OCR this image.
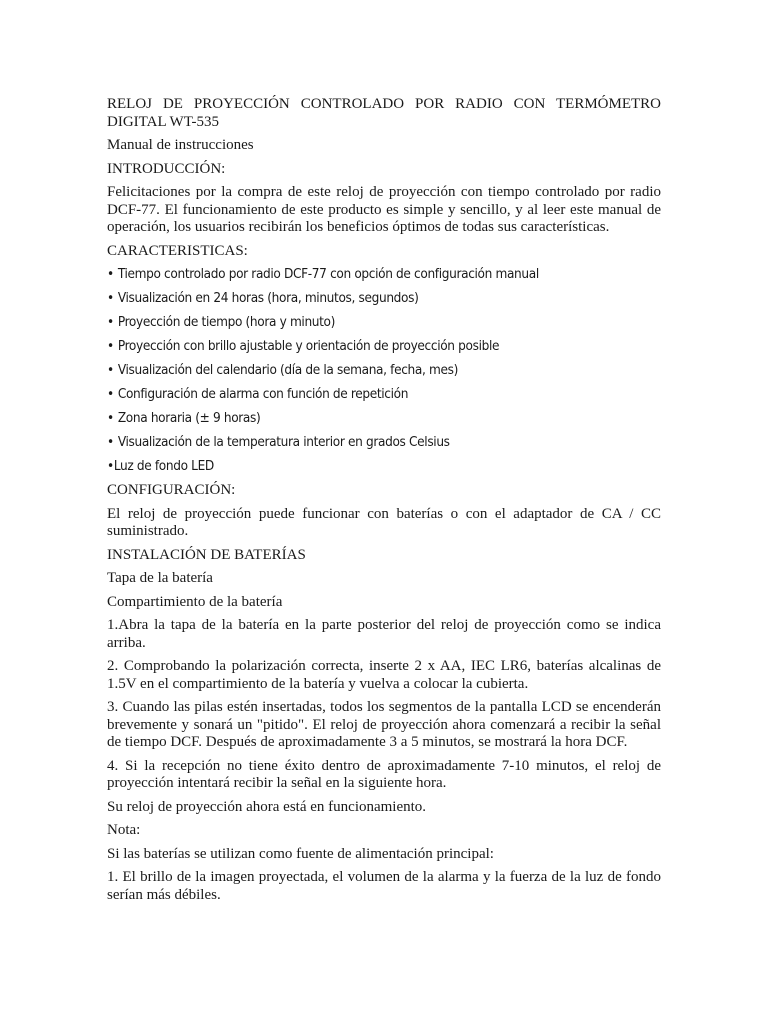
RELOJ DE PROYECCIÓN CONTROLADO POR RADIO CON TERMÓMETRO DIGITAL WT-535
Manual de instrucciones
INTRODUCCIÓN:
Felicitaciones por la compra de este reloj de proyección con tiempo controlado por radio DCF-77. El funcionamiento de este producto es simple y sencillo, y al leer este manual de operación, los usuarios recibirán los beneficios óptimos de todas sus características.
CARACTERISTICAS:
• Tiempo controlado por radio DCF-77 con opción de configuración manual
• Visualización en 24 horas (hora, minutos, segundos)
• Proyección de tiempo (hora y minuto)
• Proyección con brillo ajustable y orientación de proyección posible
• Visualización del calendario (día de la semana, fecha, mes)
• Configuración de alarma con función de repetición
• Zona horaria (± 9 horas)
• Visualización de la temperatura interior en grados Celsius
•Luz de fondo LED
CONFIGURACIÓN:
El reloj de proyección puede funcionar con baterías o con el adaptador de CA / CC suministrado.
INSTALACIÓN DE BATERÍAS
Tapa de la batería
Compartimiento de la batería
1.Abra la tapa de la batería en la parte posterior del reloj de proyección como se indica arriba.
2. Comprobando la polarización correcta, inserte 2 x AA, IEC LR6, baterías alcalinas de 1.5V en el compartimiento de la batería y vuelva a colocar la cubierta.
3. Cuando las pilas estén insertadas, todos los segmentos de la pantalla LCD se encenderán brevemente y sonará un "pitido". El reloj de proyección ahora comenzará a recibir la señal de tiempo DCF. Después de aproximadamente 3 a 5 minutos, se mostrará la hora DCF.
4. Si la recepción no tiene éxito dentro de aproximadamente 7-10 minutos, el reloj de proyección intentará recibir la señal en la siguiente hora.
Su reloj de proyección ahora está en funcionamiento.
Nota:
Si las baterías se utilizan como fuente de alimentación principal:
1. El brillo de la imagen proyectada, el volumen de la alarma y la fuerza de la luz de fondo serían más débiles.
